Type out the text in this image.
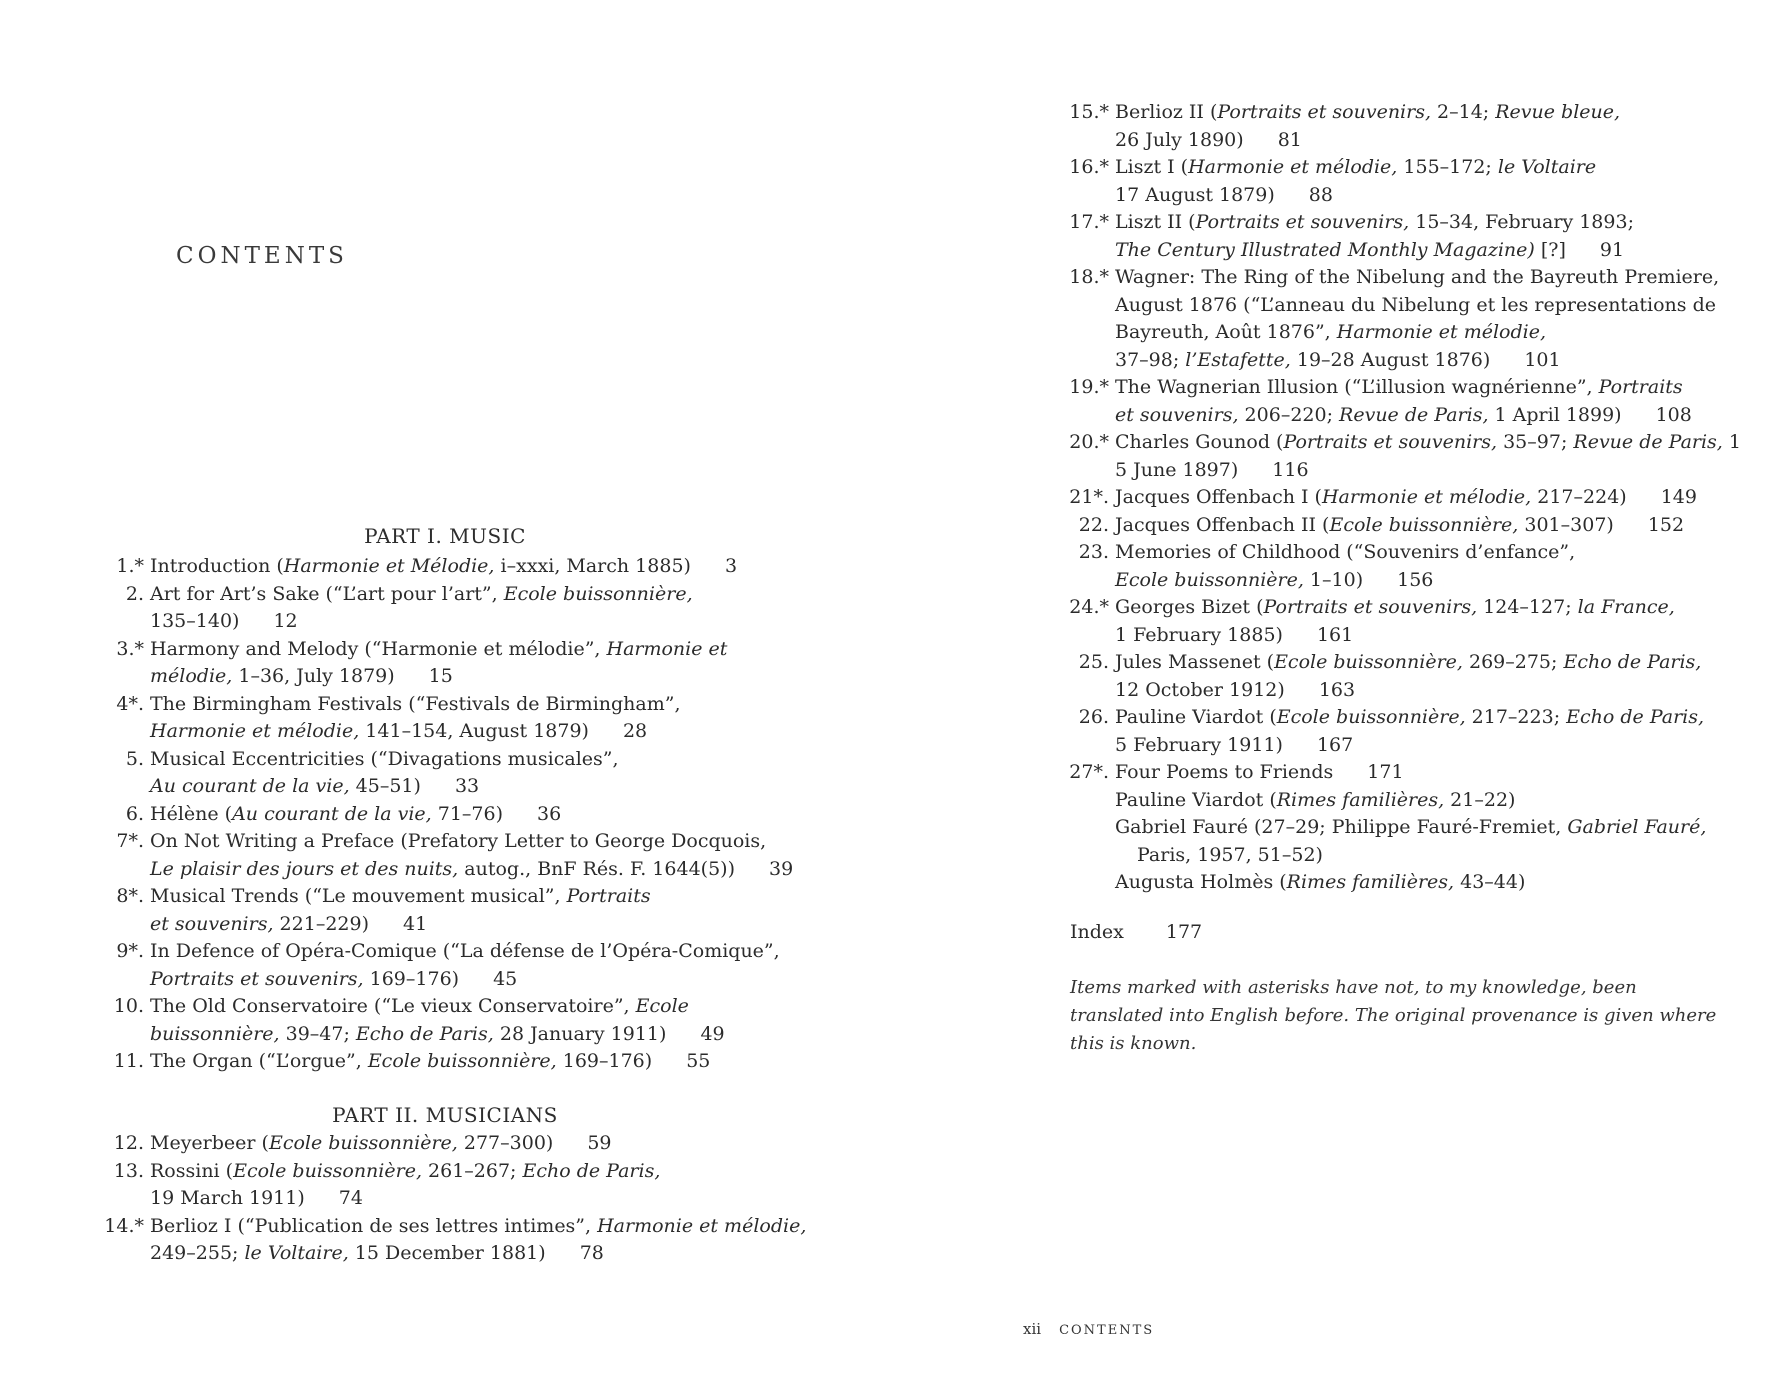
CONTENTS
PART I. MUSIC
1.* Introduction (Harmonie et Mélodie, i–xxxi, March 1885) 3
2. Art for Art’s Sake (“L’art pour l’art”, Ecole buissonnière,
135–140) 12
3.* Harmony and Melody (“Harmonie et mélodie”, Harmonie et
mélodie, 1–36, July 1879) 15
4*. The Birmingham Festivals (“Festivals de Birmingham”,
Harmonie et mélodie, 141–154, August 1879) 28
5. Musical Eccentricities (“Divagations musicales”,
Au courant de la vie, 45–51) 33
6. Hélène (Au courant de la vie, 71–76) 36
7*. On Not Writing a Preface (Prefatory Letter to George Docquois,
Le plaisir des jours et des nuits, autog., BnF Rés. F. 1644(5)) 39
8*. Musical Trends (“Le mouvement musical”, Portraits
et souvenirs, 221–229) 41
9*. In Defence of Opéra-Comique (“La défense de l’Opéra-Comique”,
Portraits et souvenirs, 169–176) 45
10. The Old Conservatoire (“Le vieux Conservatoire”, Ecole
buissonnière, 39–47; Echo de Paris, 28 January 1911) 49
11. The Organ (“L’orgue”, Ecole buissonnière, 169–176) 55
PART II. MUSICIANS
12. Meyerbeer (Ecole buissonnière, 277–300) 59
13. Rossini (Ecole buissonnière, 261–267; Echo de Paris,
19 March 1911) 74
14.* Berlioz I (“Publication de ses lettres intimes”, Harmonie et mélodie,
249–255; le Voltaire, 15 December 1881) 78
15.* Berlioz II (Portraits et souvenirs, 2–14; Revue bleue,
26 July 1890) 81
16.* Liszt I (Harmonie et mélodie, 155–172; le Voltaire
17 August 1879) 88
17.* Liszt II (Portraits et souvenirs, 15–34, February 1893;
The Century Illustrated Monthly Magazine) [?] 91
18.* Wagner: The Ring of the Nibelung and the Bayreuth Premiere,
August 1876 (“L’anneau du Nibelung et les representations de
Bayreuth, Août 1876”, Harmonie et mélodie,
37–98; l’Estafette, 19–28 August 1876) 101
19.* The Wagnerian Illusion (“L’illusion wagnérienne”, Portraits
et souvenirs, 206–220; Revue de Paris, 1 April 1899) 108
20.* Charles Gounod (Portraits et souvenirs, 35–97; Revue de Paris, 1
5 June 1897) 116
21*. Jacques Offenbach I (Harmonie et mélodie, 217–224) 149
22. Jacques Offenbach II (Ecole buissonnière, 301–307) 152
23. Memories of Childhood (“Souvenirs d’enfance”,
Ecole buissonnière, 1–10) 156
24.* Georges Bizet (Portraits et souvenirs, 124–127; la France,
1 February 1885) 161
25. Jules Massenet (Ecole buissonnière, 269–275; Echo de Paris,
12 October 1912) 163
26. Pauline Viardot (Ecole buissonnière, 217–223; Echo de Paris,
5 February 1911) 167
27*. Four Poems to Friends 171
Pauline Viardot (Rimes familières, 21–22)
Gabriel Fauré (27–29; Philippe Fauré-Fremiet, Gabriel Fauré,
Paris, 1957, 51–52)
Augusta Holmès (Rimes familières, 43–44)
Index 177
Items marked with asterisks have not, to my knowledge, been translated into English before. The original provenance is given where this is known.
xii CONTENTS
